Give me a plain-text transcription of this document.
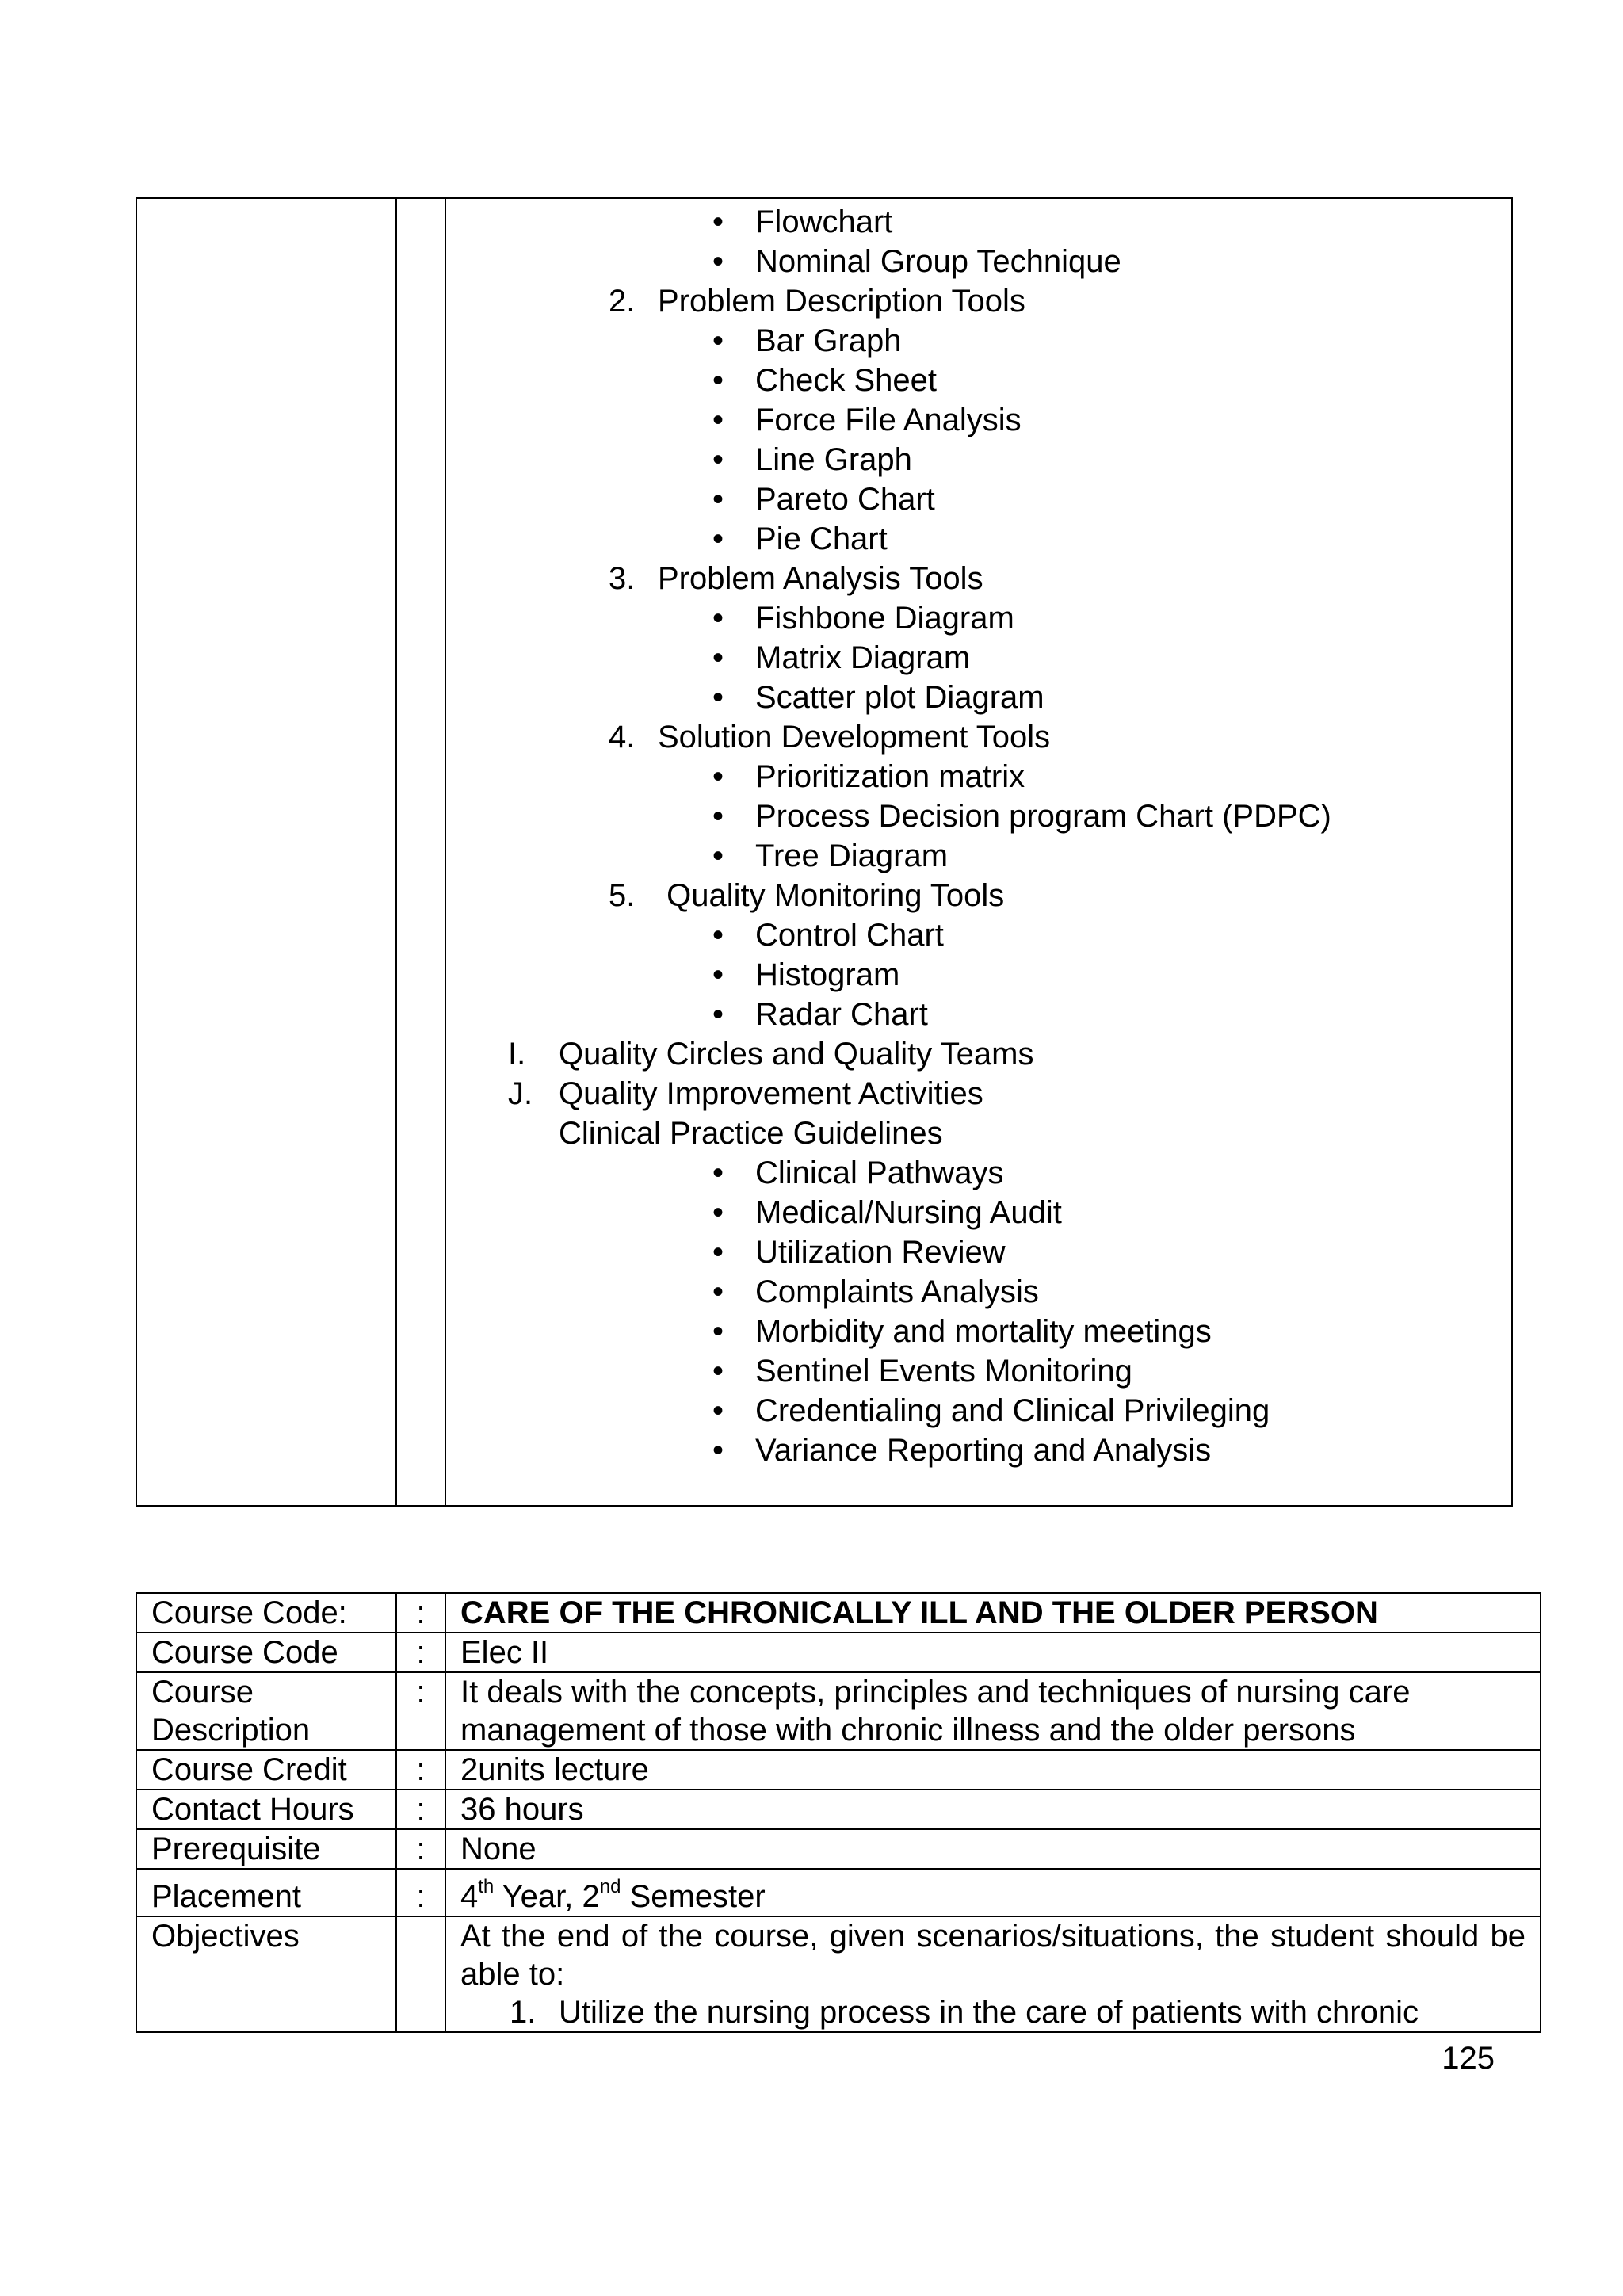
• Flowchart
• Nominal Group Technique
2. Problem Description Tools
• Bar Graph
• Check Sheet
• Force File Analysis
• Line Graph
• Pareto Chart
• Pie Chart
3. Problem Analysis Tools
• Fishbone Diagram
• Matrix Diagram
• Scatter plot Diagram
4. Solution Development Tools
• Prioritization matrix
• Process Decision program Chart (PDPC)
• Tree Diagram
5. Quality Monitoring Tools
• Control Chart
• Histogram
• Radar Chart
I. Quality Circles and Quality Teams
J. Quality Improvement Activities
Clinical Practice Guidelines
• Clinical Pathways
• Medical/Nursing Audit
• Utilization Review
• Complaints Analysis
• Morbidity and mortality meetings
• Sentinel Events Monitoring
• Credentialing and Clinical Privileging
• Variance Reporting and Analysis
Course Code:	:	CARE OF THE CHRONICALLY ILL AND THE OLDER PERSON
Course Code	:	Elec II
Course Description	:	It deals with the concepts, principles and techniques of nursing care management of those with chronic illness and the older persons
Course Credit	:	2units lecture
Contact Hours	:	36 hours
Prerequisite	:	None
Placement	:	4th Year, 2nd Semester
Objectives		At the end of the course, given scenarios/situations, the student should be able to:
1. Utilize the nursing process in the care of patients with chronic
125
